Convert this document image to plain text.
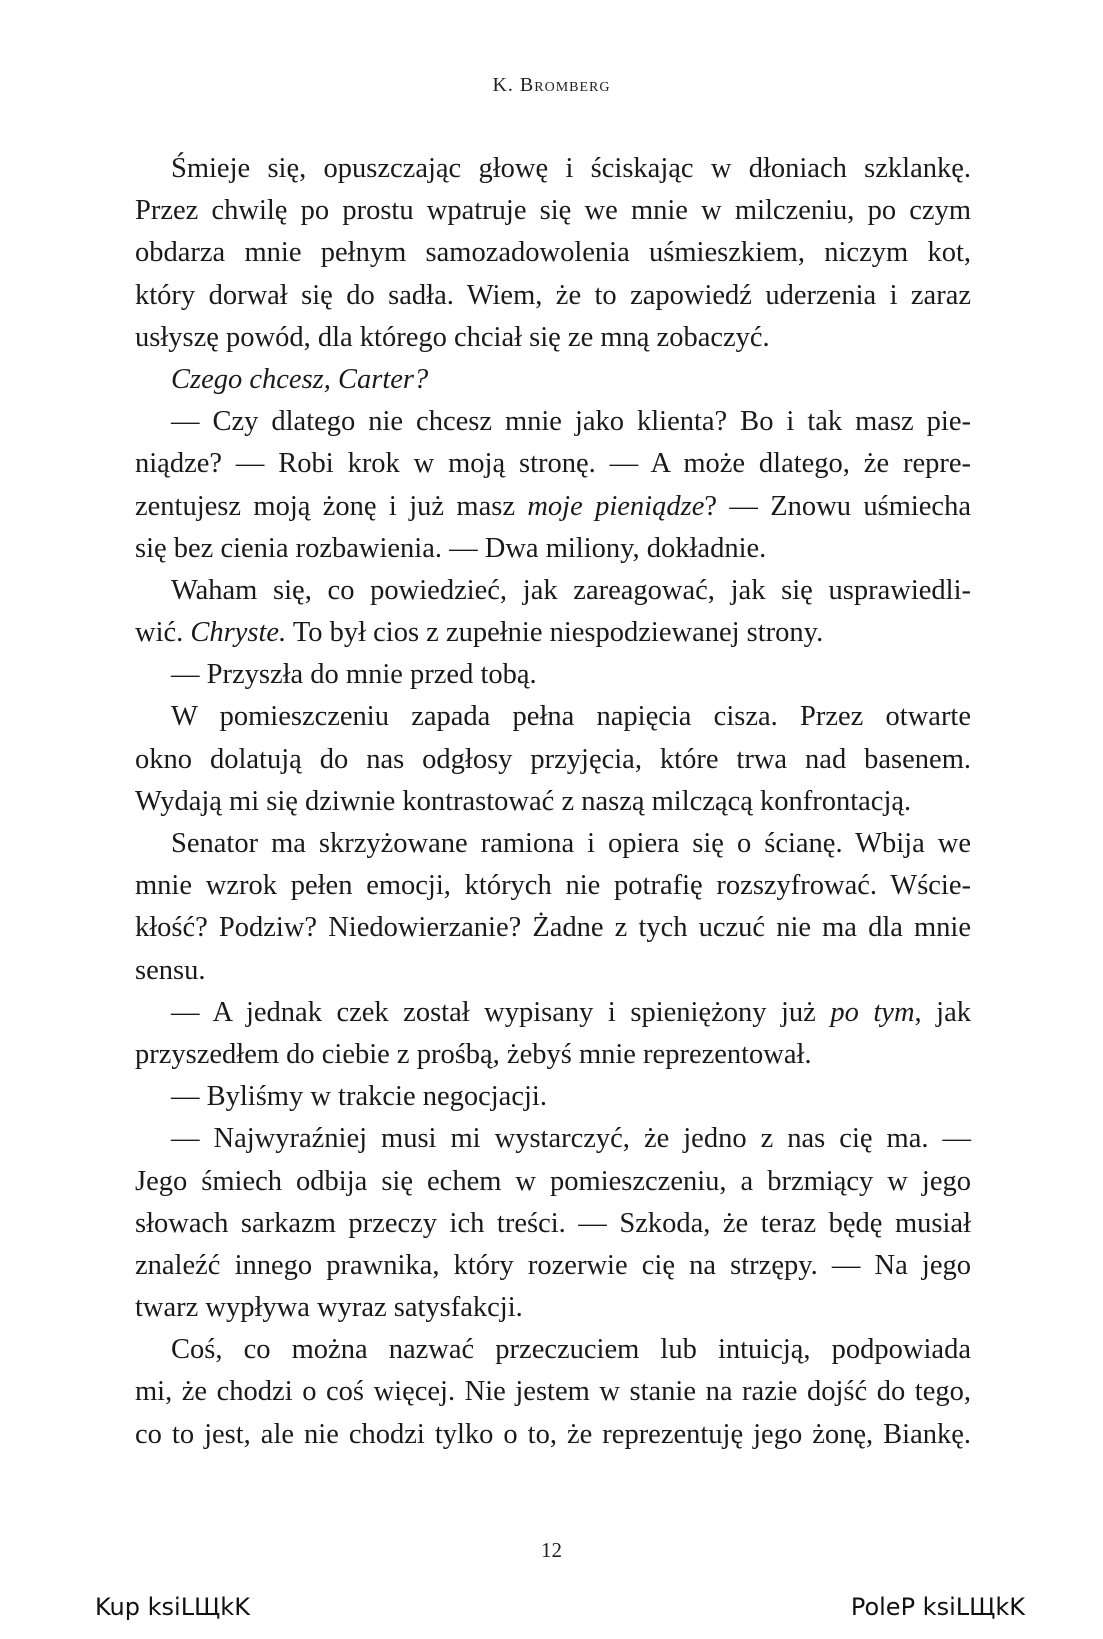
K. Bromberg
Śmieje się, opuszczając głowę i ściskając w dłoniach szklankę.
Przez chwilę po prostu wpatruje się we mnie w milczeniu, po czym
obdarza mnie pełnym samozadowolenia uśmieszkiem, niczym kot,
który dorwał się do sadła. Wiem, że to zapowiedź uderzenia i zaraz
usłyszę powód, dla którego chciał się ze mną zobaczyć.
Czego chcesz, Carter?
— Czy dlatego nie chcesz mnie jako klienta? Bo i tak masz pie-
niądze? — Robi krok w moją stronę. — A może dlatego, że repre-
zentujesz moją żonę i już masz moje pieniądze? — Znowu uśmiecha
się bez cienia rozbawienia. — Dwa miliony, dokładnie.
Waham się, co powiedzieć, jak zareagować, jak się usprawiedli-
wić. Chryste. To był cios z zupełnie niespodziewanej strony.
— Przyszła do mnie przed tobą.
W pomieszczeniu zapada pełna napięcia cisza. Przez otwarte
okno dolatują do nas odgłosy przyjęcia, które trwa nad basenem.
Wydają mi się dziwnie kontrastować z naszą milczącą konfrontacją.
Senator ma skrzyżowane ramiona i opiera się o ścianę. Wbija we
mnie wzrok pełen emocji, których nie potrafię rozszyfrować. Wście-
kłość? Podziw? Niedowierzanie? Żadne z tych uczuć nie ma dla mnie
sensu.
— A jednak czek został wypisany i spieniężony już po tym, jak
przyszedłem do ciebie z prośbą, żebyś mnie reprezentował.
— Byliśmy w trakcie negocjacji.
— Najwyraźniej musi mi wystarczyć, że jedno z nas cię ma. —
Jego śmiech odbija się echem w pomieszczeniu, a brzmiący w jego
słowach sarkazm przeczy ich treści. — Szkoda, że teraz będę musiał
znaleźć innego prawnika, który rozerwie cię na strzępy. — Na jego
twarz wypływa wyraz satysfakcji.
Coś, co można nazwać przeczuciem lub intuicją, podpowiada
mi, że chodzi o coś więcej. Nie jestem w stanie na razie dojść do tego,
co to jest, ale nie chodzi tylko o to, że reprezentuję jego żonę, Biankę.
12
Kup ksiLЩkK	PoleP ksiLЩkK
